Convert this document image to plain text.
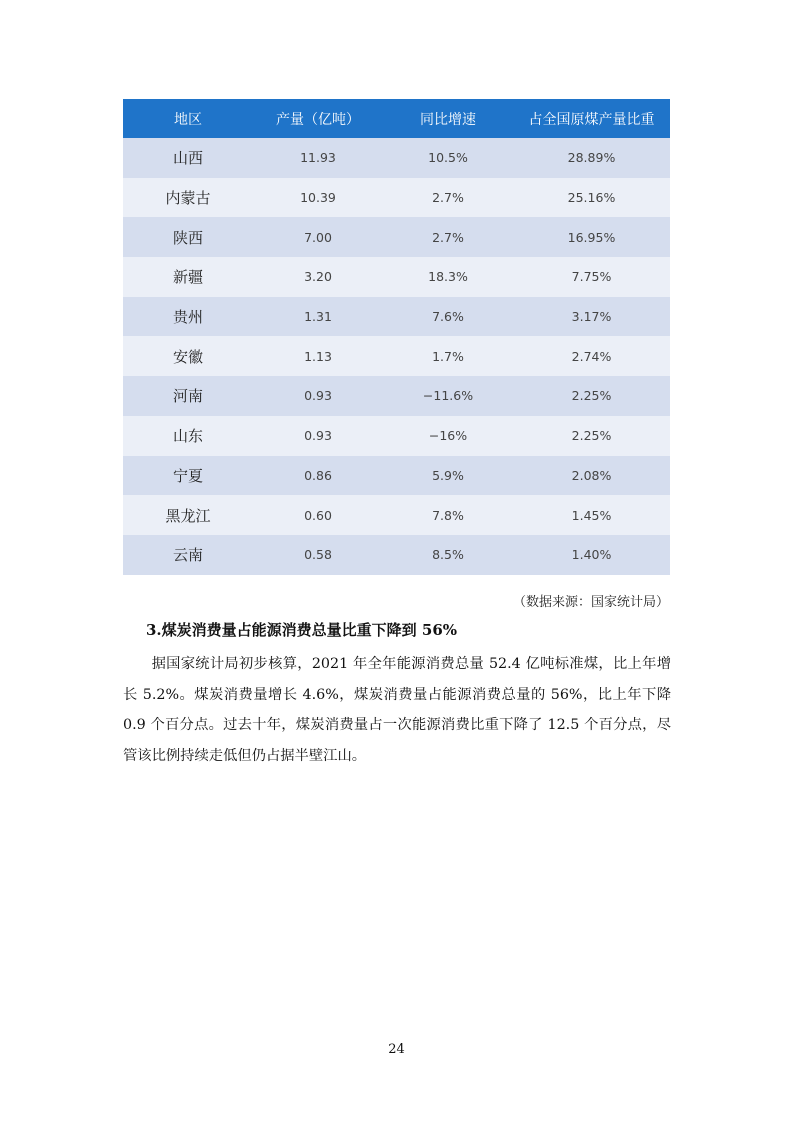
地区	产量（亿吨）	同比增速	占全国原煤产量比重
山西	11.93	10.5%	28.89%
内蒙古	10.39	2.7%	25.16%
陕西	7.00	2.7%	16.95%
新疆	3.20	18.3%	7.75%
贵州	1.31	7.6%	3.17%
安徽	1.13	1.7%	2.74%
河南	0.93	−11.6%	2.25%
山东	0.93	−16%	2.25%
宁夏	0.86	5.9%	2.08%
黑龙江	0.60	7.8%	1.45%
云南	0.58	8.5%	1.40%
（数据来源：国家统计局）
3.煤炭消费量占能源消费总量比重下降到 56%

据国家统计局初步核算，2021 年全年能源消费总量 52.4 亿吨标准煤，比上年增长 5.2%。煤炭消费量增长 4.6%，煤炭消费量占能源消费总量的 56%，比上年下降 0.9 个百分点。过去十年，煤炭消费量占一次能源消费比重下降了 12.5 个百分点，尽管该比例持续走低但仍占据半壁江山。

24
